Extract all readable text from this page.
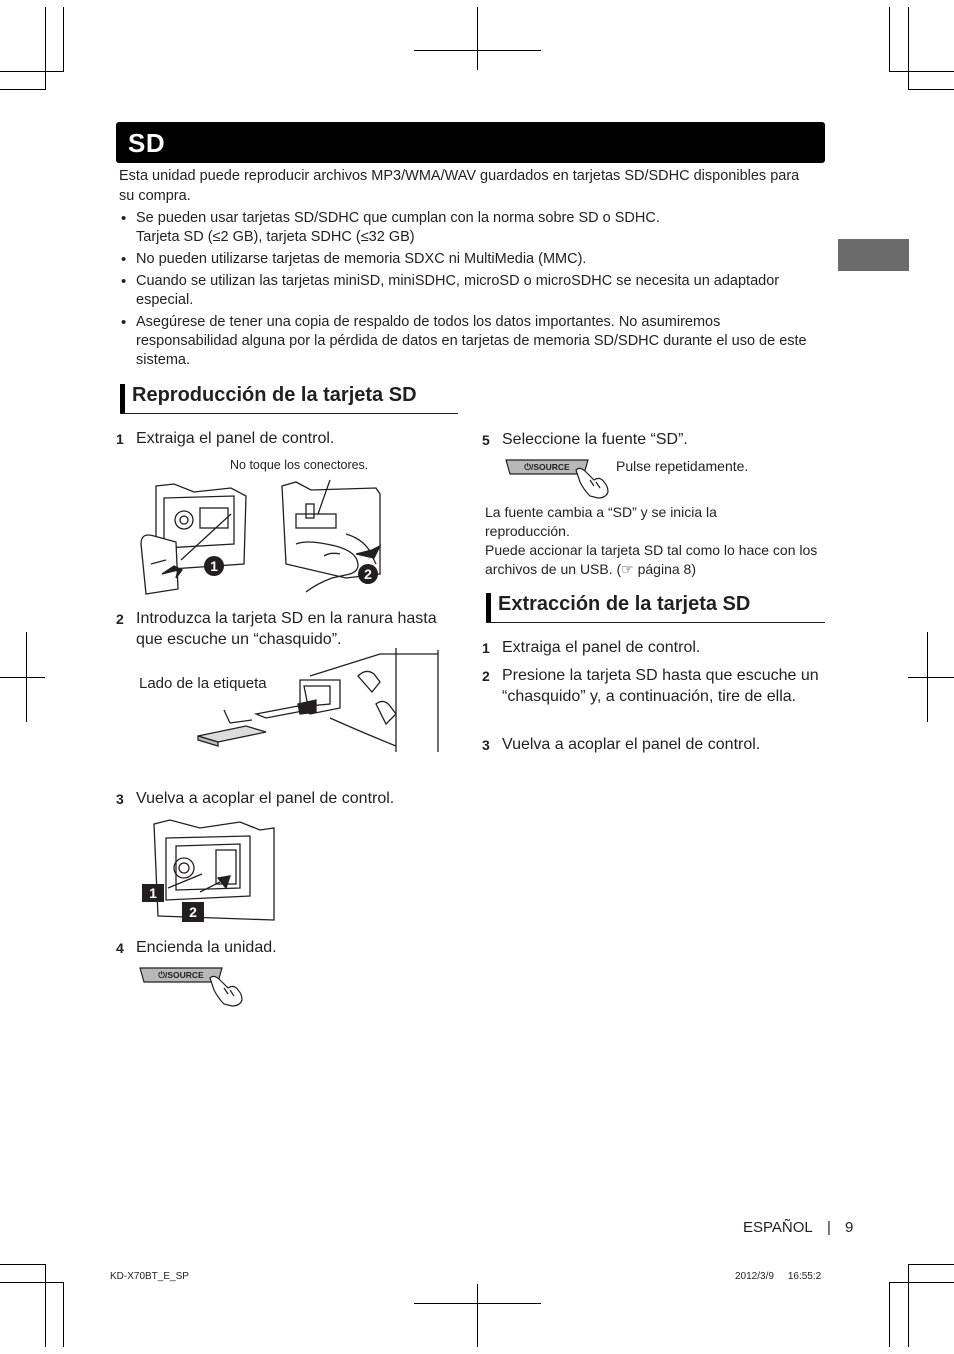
SD

Esta unidad puede reproducir archivos MP3/WMA/WAV guardados en tarjetas SD/SDHC disponibles para su compra.

• Se pueden usar tarjetas SD/SDHC que cumplan con la norma sobre SD o SDHC.
Tarjeta SD (≤2 GB), tarjeta SDHC (≤32 GB)
• No pueden utilizarse tarjetas de memoria SDXC ni MultiMedia (MMC).
• Cuando se utilizan las tarjetas miniSD, miniSDHC, microSD o microSDHC se necesita un adaptador especial.
• Asegúrese de tener una copia de respaldo de todos los datos importantes. No asumiremos responsabilidad alguna por la pérdida de datos en tarjetas de memoria SD/SDHC durante el uso de este sistema.
Reproducción de la tarjeta SD
1 Extraiga el panel de control.
No toque los conectores.
1	2
2 Introduzca la tarjeta SD en la ranura hasta que escuche un “chasquido”.
Lado de la etiqueta
3 Vuelva a acoplar el panel de control.
1
2
4 Encienda la unidad.
⏻/SOURCE
5 Seleccione la fuente “SD”.
⏻/SOURCE	Pulse repetidamente.
La fuente cambia a “SD” y se inicia la reproducción.
Puede accionar la tarjeta SD tal como lo hace con los archivos de un USB. (☞ página 8)
Extracción de la tarjeta SD
1 Extraiga el panel de control.
2 Presione la tarjeta SD hasta que escuche un “chasquido” y, a continuación, tire de ella.
3 Vuelva a acoplar el panel de control.
ESPAÑOL | 9
KD-X70BT_E_SP	2012/3/9     16:55:2
